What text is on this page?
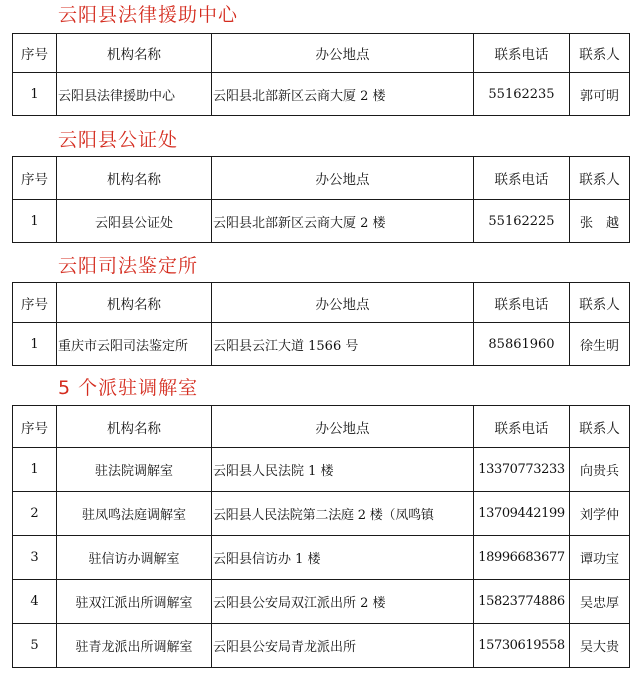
云阳县法律援助中心
序号	机构名称	办公地点	联系电话	联系人
1	云阳县法律援助中心	云阳县北部新区云商大厦 2 楼	55162235	郭可明
云阳县公证处
序号	机构名称	办公地点	联系电话	联系人
1	云阳县公证处	云阳县北部新区云商大厦 2 楼	55162225	张　越
云阳司法鉴定所
序号	机构名称	办公地点	联系电话	联系人
1	重庆市云阳司法鉴定所	云阳县云江大道 1566 号	85861960	徐生明
5 个派驻调解室
序号	机构名称	办公地点	联系电话	联系人
1	驻法院调解室	云阳县人民法院 1 楼	13370773233	向贵兵
2	驻凤鸣法庭调解室	云阳县人民法院第二法庭 2 楼（凤鸣镇	13709442199	刘学仲
3	驻信访办调解室	云阳县信访办 1 楼	18996683677	谭功宝
4	驻双江派出所调解室	云阳县公安局双江派出所 2 楼	15823774886	吴忠厚
5	驻青龙派出所调解室	云阳县公安局青龙派出所	15730619558	吴大贵
